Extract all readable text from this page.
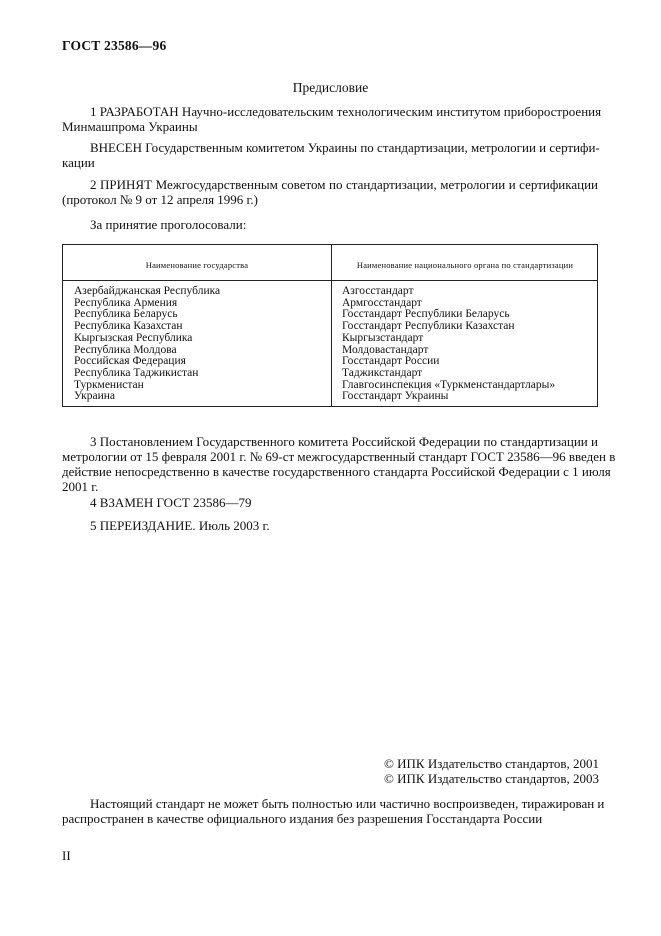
ГОСТ 23586—96
Предисловие
1 РАЗРАБОТАН Научно-исследовательским технологическим институтом приборостроения
Минмашпрома Украины
ВНЕСЕН Государственным комитетом Украины по стандартизации, метрологии и сертифи-
кации
2 ПРИНЯТ Межгосударственным советом по стандартизации, метрологии и сертификации
(протокол № 9 от 12 апреля 1996 г.)
За принятие проголосовали:
Наименование государства	Наименование национального органа по стандартизации
Азербайджанская Республика
Республика Армения
Республика Беларусь
Республика Казахстан
Кыргызская Республика
Республика Молдова
Российская Федерация
Республика Таджикистан
Туркменистан
Украина
Азгосстандарт
Армгосстандарт
Госстандарт Республики Беларусь
Госстандарт Республики Казахстан
Кыргызстандарт
Молдовастандарт
Госстандарт России
Таджикстандарт
Главгосинспекция «Туркменстандартлары»
Госстандарт Украины
3 Постановлением Государственного комитета Российской Федерации по стандартизации и
метрологии от 15 февраля 2001 г. № 69-ст межгосударственный стандарт ГОСТ 23586—96 введен в
действие непосредственно в качестве государственного стандарта Российской Федерации с 1 июля
2001 г.
4 ВЗАМЕН ГОСТ 23586—79
5 ПЕРЕИЗДАНИЕ. Июль 2003 г.
© ИПК Издательство стандартов, 2001
© ИПК Издательство стандартов, 2003
Настоящий стандарт не может быть полностью или частично воспроизведен, тиражирован и
распространен в качестве официального издания без разрешения Госстандарта России
II
